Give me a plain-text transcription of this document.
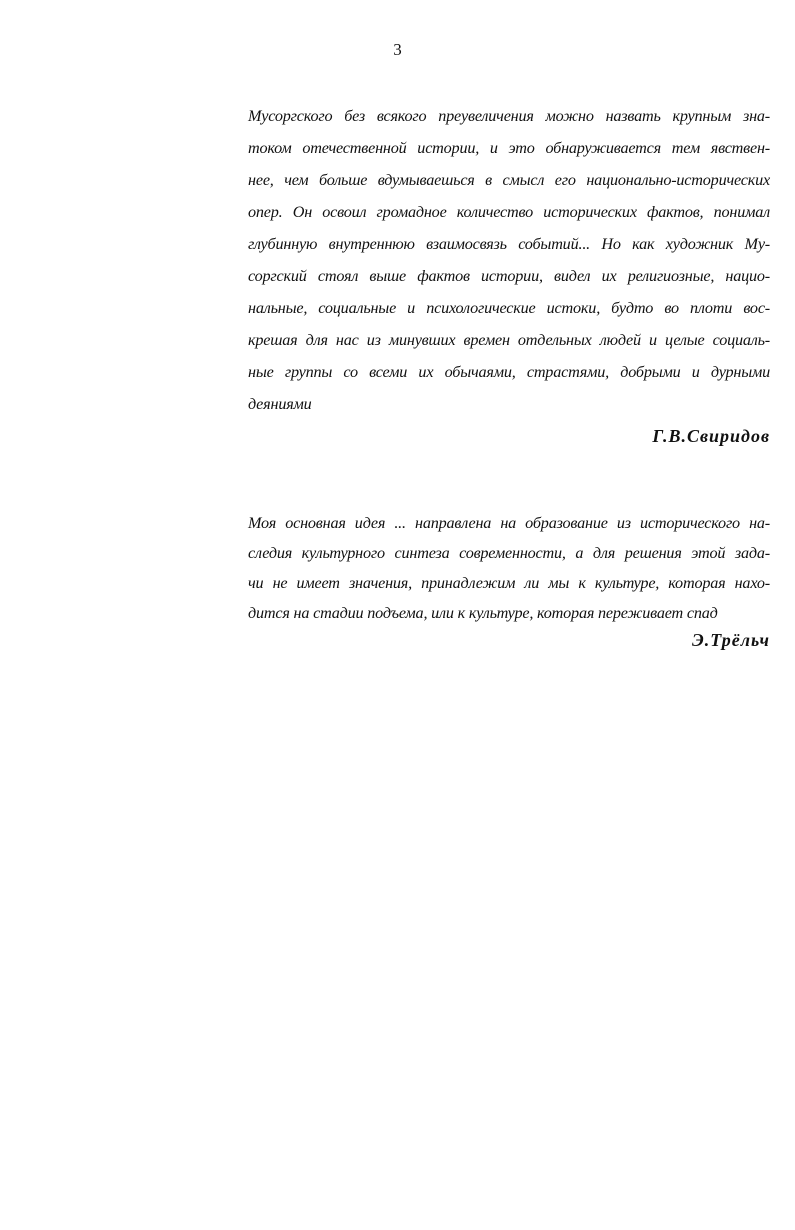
3
Мусоргского без всякого преувеличения можно назвать крупным зна-
током отечественной истории, и это обнаруживается тем явствен-
нее, чем больше вдумываешься в смысл его национально-исторических
опер. Он освоил громадное количество исторических фактов, понимал
глубинную внутреннюю взаимосвязь событий... Но как художник Му-
соргский стоял выше фактов истории, видел их религиозные, нацио-
нальные, социальные и психологические истоки, будто во плоти вос-
крешая для нас из минувших времен отдельных людей и целые социаль-
ные группы со всеми их обычаями, страстями, добрыми и дурными
деяниями
Г.В.Свиридов
Моя основная идея ... направлена на образование из исторического на-
следия культурного синтеза современности, а для решения этой зада-
чи не имеет значения, принадлежим ли мы к культуре, которая нахо-
дится на стадии подъема, или к культуре, которая переживает спад
Э.Трёльч
